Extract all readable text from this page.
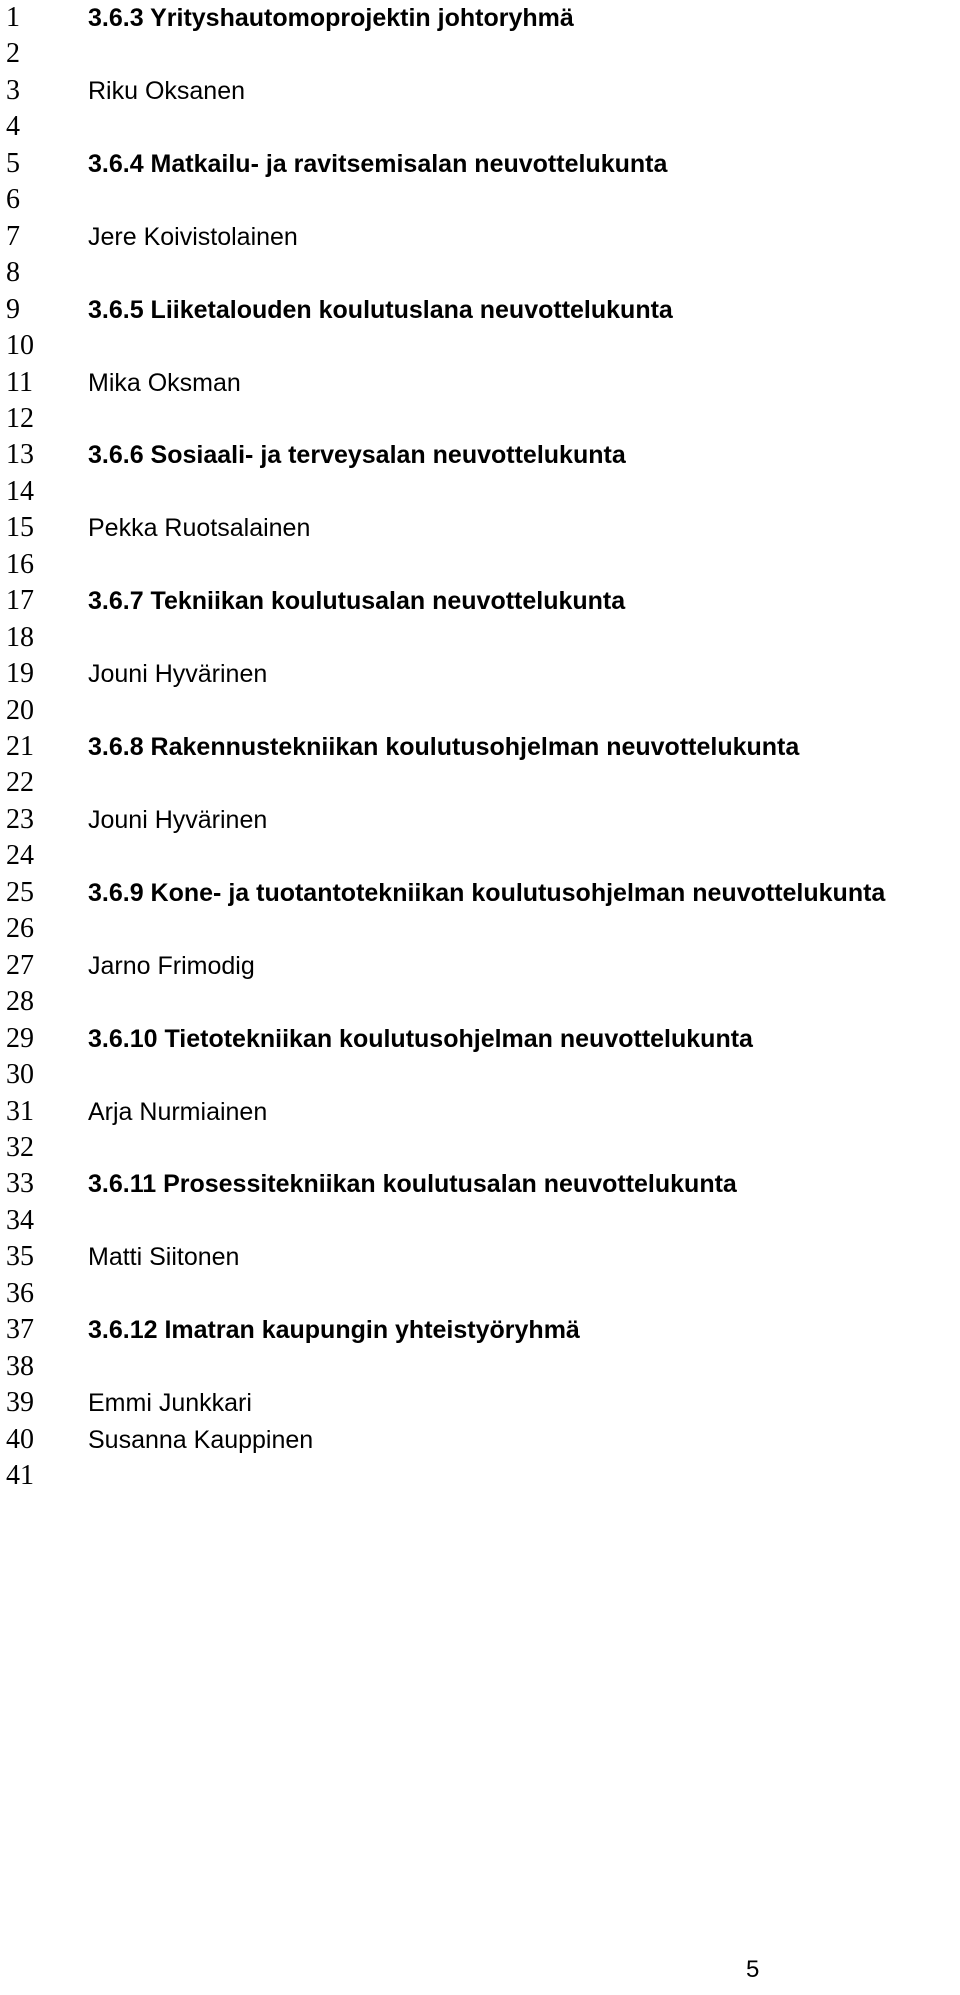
1
2
3
4
5
6
7
8
9
10
11
12
13
14
15
16
17
18
19
20
21
22
23
24
25
26
27
28
29
30
31
32
33
34
35
36
37
38
39
40
41
3.6.3 Yrityshautomoprojektin johtoryhmä
Riku Oksanen
3.6.4 Matkailu- ja ravitsemisalan neuvottelukunta
Jere Koivistolainen
3.6.5 Liiketalouden koulutuslana neuvottelukunta
Mika Oksman
3.6.6 Sosiaali- ja terveysalan neuvottelukunta
Pekka Ruotsalainen
3.6.7 Tekniikan koulutusalan neuvottelukunta
Jouni Hyvärinen
3.6.8 Rakennustekniikan koulutusohjelman neuvottelukunta
Jouni Hyvärinen
3.6.9 Kone- ja tuotantotekniikan koulutusohjelman neuvottelukunta
Jarno Frimodig
3.6.10 Tietotekniikan koulutusohjelman neuvottelukunta
Arja Nurmiainen
3.6.11 Prosessitekniikan koulutusalan neuvottelukunta
Matti Siitonen
3.6.12 Imatran kaupungin yhteistyöryhmä
Emmi Junkkari
Susanna Kauppinen
5
